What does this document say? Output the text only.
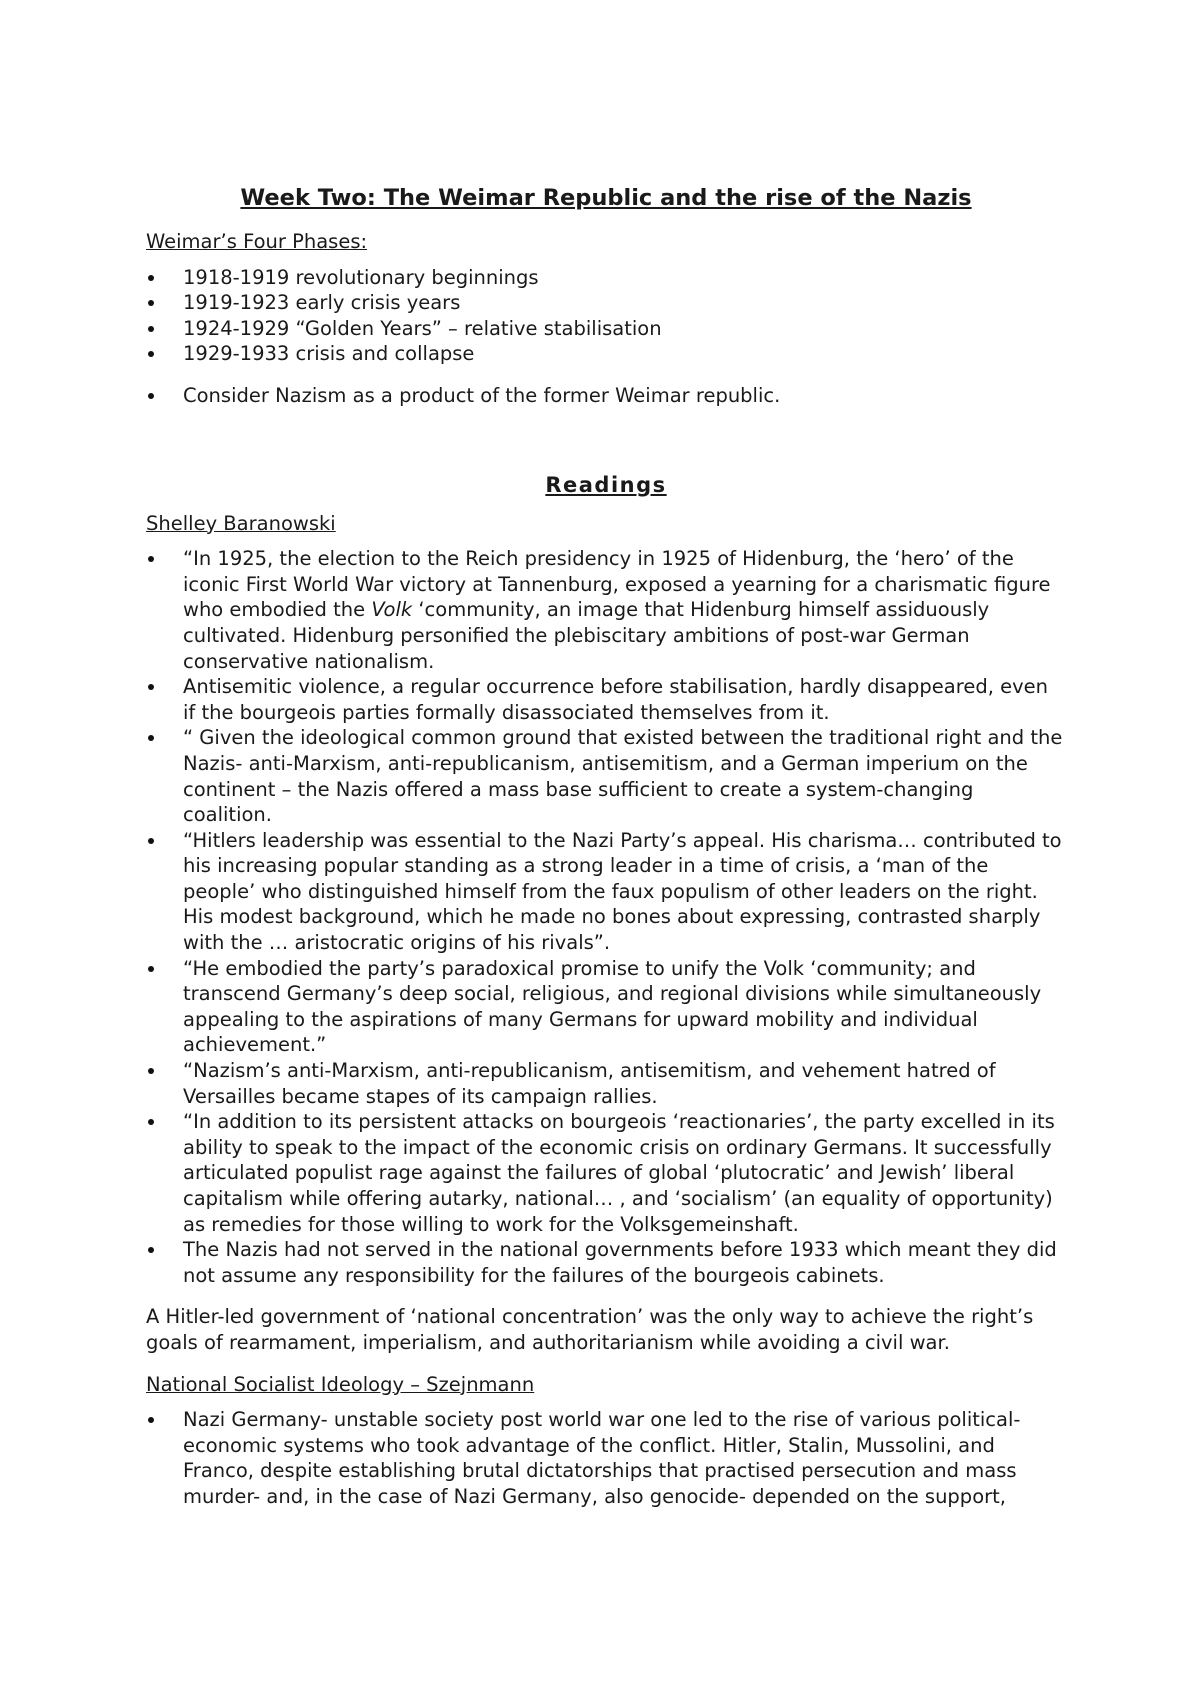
Week Two: The Weimar Republic and the rise of the Nazis
Weimar’s Four Phases:
1918-1919 revolutionary beginnings
1919-1923 early crisis years
1924-1929 “Golden Years” – relative stabilisation
1929-1933 crisis and collapse
Consider Nazism as a product of the former Weimar republic.
Readings
Shelley Baranowski
“In 1925, the election to the Reich presidency in 1925 of Hidenburg, the ‘hero’ of the iconic First World War victory at Tannenburg, exposed a yearning for a charismatic figure who embodied the Volk ‘community, an image that Hidenburg himself assiduously cultivated. Hidenburg personified the plebiscitary ambitions of post-war German conservative nationalism.
Antisemitic violence, a regular occurrence before stabilisation, hardly disappeared, even if the bourgeois parties formally disassociated themselves from it.
“ Given the ideological common ground that existed between the traditional right and the Nazis- anti-Marxism, anti-republicanism, antisemitism, and a German imperium on the continent – the Nazis offered a mass base sufficient to create a system-changing coalition.
“Hitlers leadership was essential to the Nazi Party’s appeal. His charisma… contributed to his increasing popular standing as a strong leader in a time of crisis, a ‘man of the people’ who distinguished himself from the faux populism of other leaders on the right. His modest background, which he made no bones about expressing, contrasted sharply with the … aristocratic origins of his rivals”.
“He embodied the party’s paradoxical promise to unify the Volk ‘community; and transcend Germany’s deep social, religious, and regional divisions while simultaneously appealing to the aspirations of many Germans for upward mobility and individual achievement.”
“Nazism’s anti-Marxism, anti-republicanism, antisemitism, and vehement hatred of Versailles became stapes of its campaign rallies.
“In addition to its persistent attacks on bourgeois ‘reactionaries’, the party excelled in its ability to speak to the impact of the economic crisis on ordinary Germans. It successfully articulated populist rage against the failures of global ‘plutocratic’ and Jewish’ liberal capitalism while offering autarky, national… , and ‘socialism’ (an equality of opportunity) as remedies for those willing to work for the Volksgemeinshaft.
The Nazis had not served in the national governments before 1933 which meant they did not assume any responsibility for the failures of the bourgeois cabinets.

A Hitler-led government of ‘national concentration’ was the only way to achieve the right’s goals of rearmament, imperialism, and authoritarianism while avoiding a civil war.

National Socialist Ideology – Szejnmann
Nazi Germany- unstable society post world war one led to the rise of various political-economic systems who took advantage of the conflict. Hitler, Stalin, Mussolini, and Franco, despite establishing brutal dictatorships that practised persecution and mass murder- and, in the case of Nazi Germany, also genocide- depended on the support,
